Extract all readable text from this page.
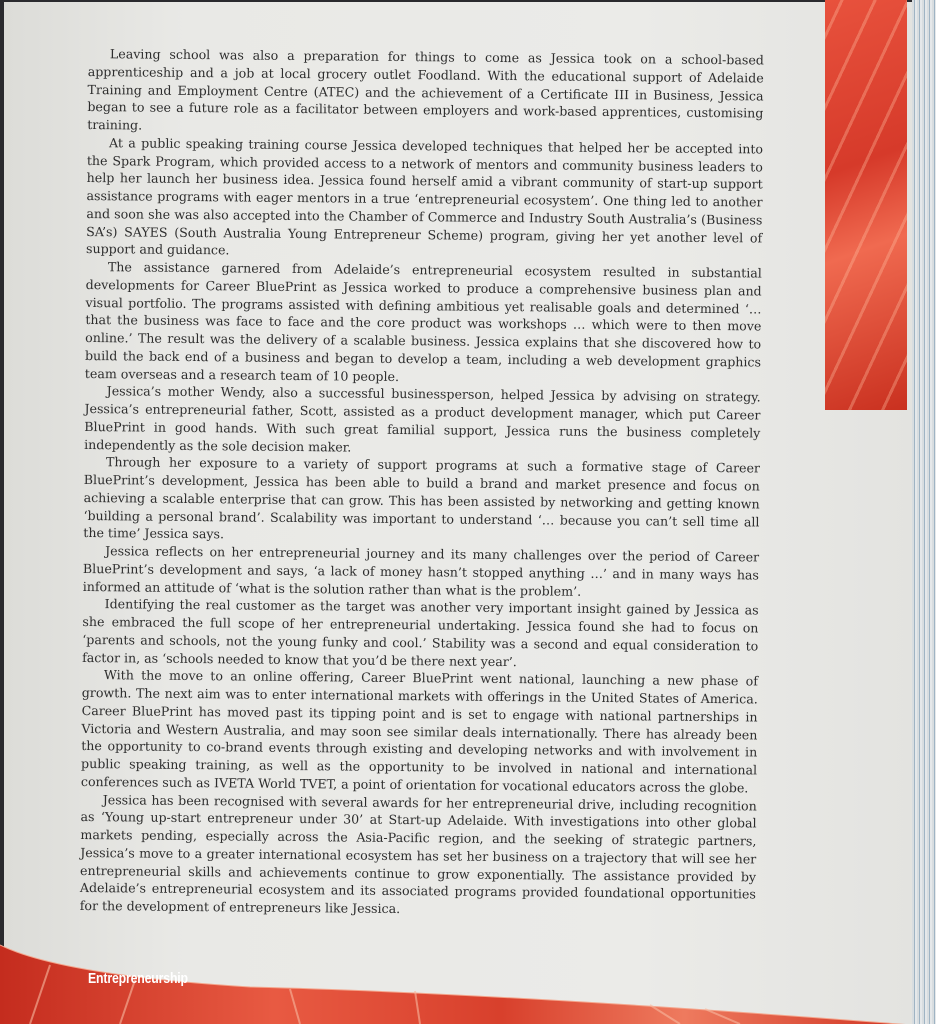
Leaving school was also a preparation for things to come as Jessica took on a school-based apprenticeship and a job at local grocery outlet Foodland. With the educational support of Adelaide Training and Employment Centre (ATEC) and the achievement of a Certificate III in Business, Jessica began to see a future role as a facilitator between employers and work-based apprentices, customising training.

At a public speaking training course Jessica developed techniques that helped her be accepted into the Spark Program, which provided access to a network of mentors and community business leaders to help her launch her business idea. Jessica found herself amid a vibrant community of start-up support assistance programs with eager mentors in a true ‘entrepreneurial ecosystem’. One thing led to another and soon she was also accepted into the Chamber of Commerce and Industry South Australia’s (Business SA’s) SAYES (South Australia Young Entrepreneur Scheme) program, giving her yet another level of support and guidance.

The assistance garnered from Adelaide’s entrepreneurial ecosystem resulted in substantial developments for Career BluePrint as Jessica worked to produce a comprehensive business plan and visual portfolio. The programs assisted with defining ambitious yet realisable goals and determined ‘… that the business was face to face and the core product was workshops … which were to then move online.’ The result was the delivery of a scalable business. Jessica explains that she discovered how to build the back end of a business and began to develop a team, including a web development graphics team overseas and a research team of 10 people.

Jessica’s mother Wendy, also a successful businessperson, helped Jessica by advising on strategy. Jessica’s entrepreneurial father, Scott, assisted as a product development manager, which put Career BluePrint in good hands. With such great familial support, Jessica runs the business completely independently as the sole decision maker.

Through her exposure to a variety of support programs at such a formative stage of Career BluePrint’s development, Jessica has been able to build a brand and market presence and focus on achieving a scalable enterprise that can grow. This has been assisted by networking and getting known ‘building a personal brand’. Scalability was important to understand ‘… because you can’t sell time all the time’ Jessica says.

Jessica reflects on her entrepreneurial journey and its many challenges over the period of Career BluePrint’s development and says, ‘a lack of money hasn’t stopped anything …’ and in many ways has informed an attitude of ‘what is the solution rather than what is the problem’.

Identifying the real customer as the target was another very important insight gained by Jessica as she embraced the full scope of her entrepreneurial undertaking. Jessica found she had to focus on ‘parents and schools, not the young funky and cool.’ Stability was a second and equal consideration to factor in, as ‘schools needed to know that you’d be there next year’.

With the move to an online offering, Career BluePrint went national, launching a new phase of growth. The next aim was to enter international markets with offerings in the United States of America. Career BluePrint has moved past its tipping point and is set to engage with national partnerships in Victoria and Western Australia, and may soon see similar deals internationally. There has already been the opportunity to co-brand events through existing and developing networks and with involvement in public speaking training, as well as the opportunity to be involved in national and international conferences such as IVETA World TVET, a point of orientation for vocational educators across the globe.

Jessica has been recognised with several awards for her entrepreneurial drive, including recognition as ‘Young up-start entrepreneur under 30’ at Start-up Adelaide. With investigations into other global markets pending, especially across the Asia-Pacific region, and the seeking of strategic partners, Jessica’s move to a greater international ecosystem has set her business on a trajectory that will see her entrepreneurial skills and achievements continue to grow exponentially. The assistance provided by Adelaide’s entrepreneurial ecosystem and its associated programs provided foundational opportunities for the development of entrepreneurs like Jessica.

Entrepreneurship
